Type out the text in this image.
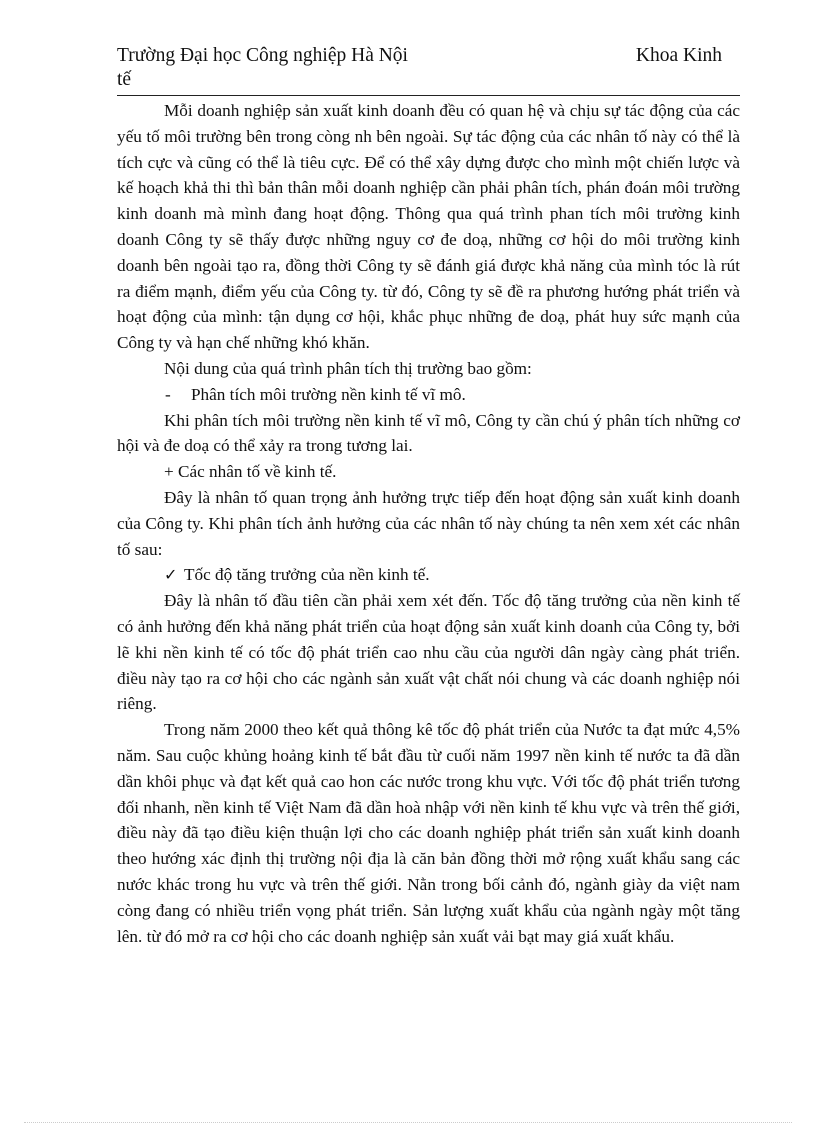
Trường Đại học Công nghiệp Hà Nội
tế
Khoa Kinh

Mỗi doanh nghiệp sản xuất kinh doanh đều có quan hệ và chịu sự tác động của các yếu tố môi trường bên trong còng nh bên ngoài. Sự tác động của các nhân tố này có thể là tích cực và cũng có thể là tiêu cực. Để có thể xây dựng được cho mình một chiến lược và kế hoạch khả thi thì bản thân mỗi doanh nghiệp cần phải phân tích, phán đoán môi trường kinh doanh mà mình đang hoạt động. Thông qua quá trình phan tích môi trường kinh doanh Công ty sẽ thấy được những nguy cơ đe doạ, những cơ hội do môi trường kinh doanh bên ngoài tạo ra, đồng thời Công ty sẽ đánh giá được khả năng của mình tóc là rút ra điểm mạnh, điểm yếu của Công ty. từ đó, Công ty sẽ đề ra phương hướng phát triển và hoạt động của mình: tận dụng cơ hội, khắc phục những đe doạ, phát huy sức mạnh của Công ty và hạn chế những khó khăn.

Nội dung của quá trình phân tích thị trường bao gồm:

- Phân tích môi trường nền kinh tế vĩ mô.

Khi phân tích môi trường nền kinh tế vĩ mô, Công ty cần chú ý phân tích những cơ hội và đe doạ có thể xảy ra trong tương lai.

+ Các nhân tố về kinh tế.

Đây là nhân tố quan trọng ảnh hưởng trực tiếp đến hoạt động sản xuất kinh doanh của Công ty. Khi phân tích ảnh hưởng của các nhân tố này chúng ta nên xem xét các nhân tố sau:

✓ Tốc độ tăng trưởng của nền kinh tế.

Đây là nhân tố đầu tiên cần phải xem xét đến. Tốc độ tăng trưởng của nền kinh tế có ảnh hưởng đến khả năng phát triển của hoạt động sản xuất kinh doanh của Công ty, bởi lẽ khi nền kinh tế có tốc độ phát triển cao nhu cầu của người dân ngày càng phát triển. điều này tạo ra cơ hội cho các ngành sản xuất vật chất nói chung và các doanh nghiệp nói riêng.

Trong năm 2000 theo kết quả thông kê tốc độ phát triển của Nước ta đạt mức 4,5% năm. Sau cuộc khủng hoảng kinh tế bắt đầu từ cuối năm 1997 nền kinh tế nước ta đã dần dần khôi phục và đạt kết quả cao hon các nước trong khu vực. Với tốc độ phát triển tương đối nhanh, nền kinh tế Việt Nam đã dần hoà nhập với nền kinh tế khu vực và trên thế giới, điều này đã tạo điều kiện thuận lợi cho các doanh nghiệp phát triển sản xuất kinh doanh theo hướng xác định thị trường nội địa là căn bản đồng thời mở rộng xuất khẩu sang các nước khác trong hu vực và trên thế giới. Nằn trong bối cảnh đó, ngành giày da việt nam còng đang có nhiều triển vọng phát triển. Sản lượng xuất khẩu của ngành ngày một tăng lên. từ đó mở ra cơ hội cho các doanh nghiệp sản xuất vải bạt may giá xuất khẩu.
